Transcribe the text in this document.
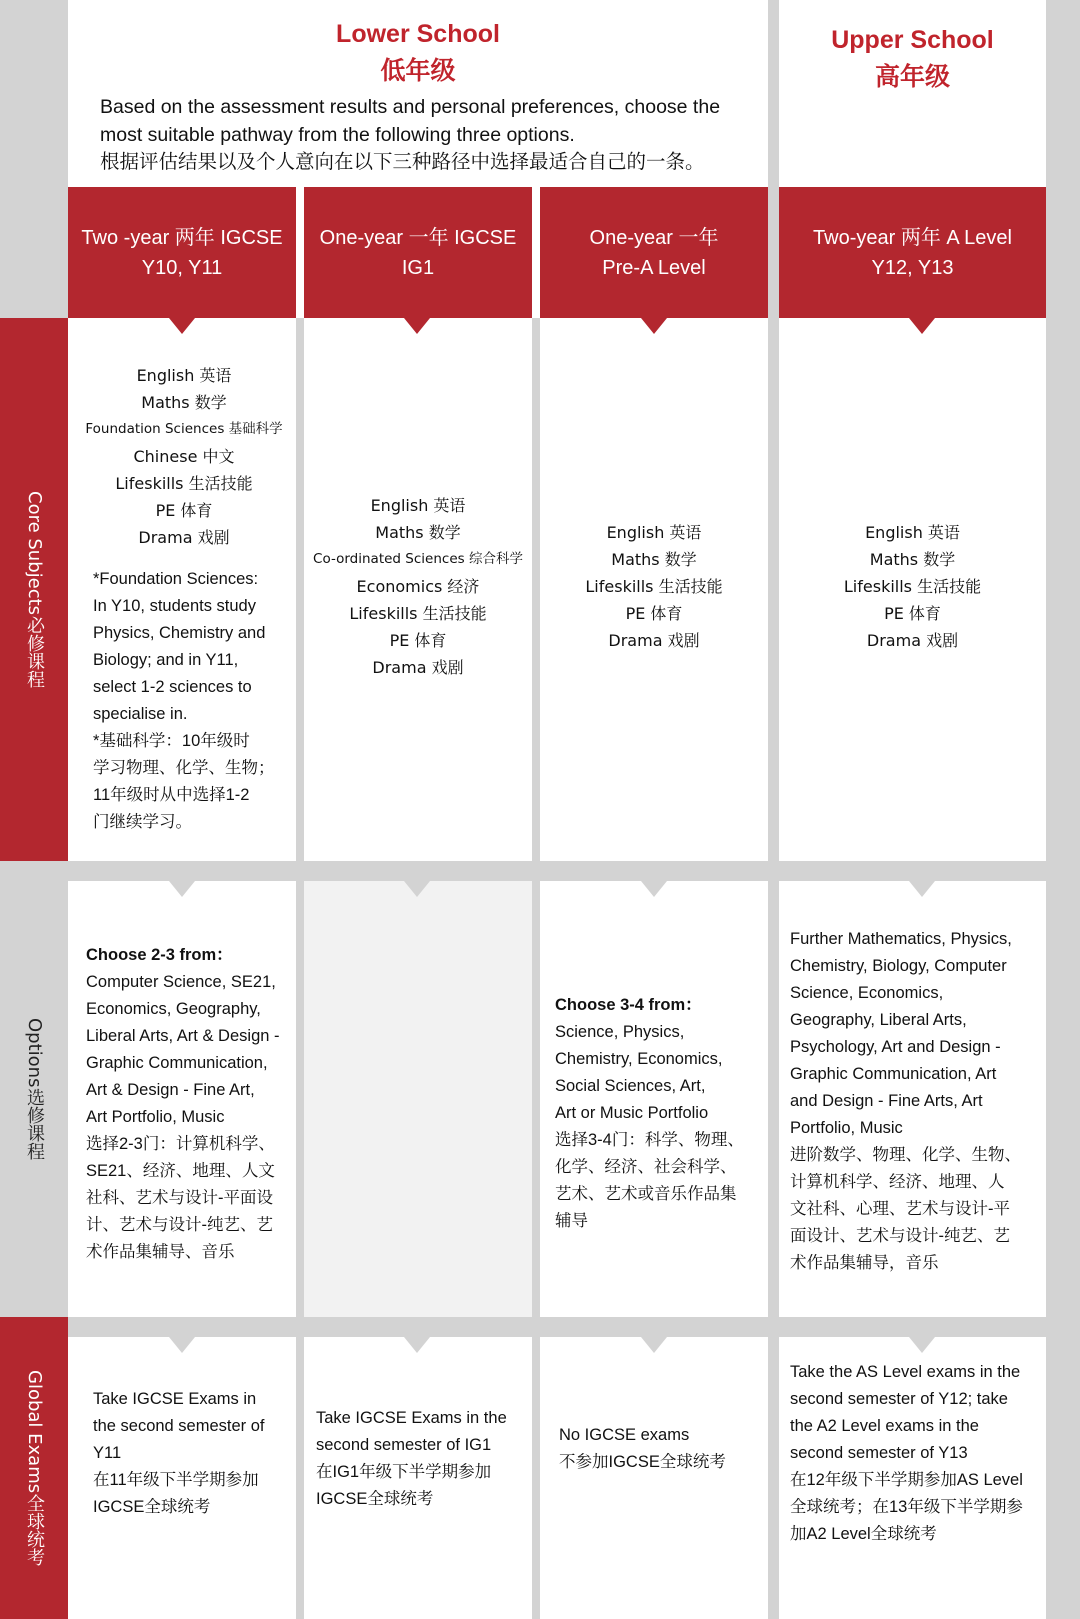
Core Subjects
必修课程
Options
选修课程
Global Exams
全球统考
Lower School
低年级
Upper School
高年级
Based on the assessment results and personal preferences, choose the
most suitable pathway from the following three options.
根据评估结果以及个人意向在以下三种路径中选择最适合自己的一条。
Two -year 两年 IGCSE
Y10, Y11
One-year 一年 IGCSE
IG1
One-year 一年
Pre-A Level
Two-year 两年 A Level
Y12, Y13
English 英语
Maths 数学
Foundation Sciences 基础科学
Chinese 中文
Lifeskills 生活技能
PE 体育
Drama 戏剧
*Foundation Sciences:
In Y10, students study
Physics, Chemistry and
Biology; and in Y11,
select 1-2 sciences to
specialise in.
*基础科学：10年级时
学习物理、化学、生物；
11年级时从中选择1-2
门继续学习。
English 英语
Maths 数学
Co-ordinated Sciences 综合科学
Economics 经济
Lifeskills 生活技能
PE 体育
Drama 戏剧
English 英语
Maths 数学
Lifeskills 生活技能
PE 体育
Drama 戏剧
English 英语
Maths 数学
Lifeskills 生活技能
PE 体育
Drama 戏剧
Choose 2-3 from：
Computer Science, SE21,
Economics, Geography,
Liberal Arts, Art & Design -
Graphic Communication,
Art & Design - Fine Art,
Art Portfolio, Music
选择2-3门：计算机科学、
SE21、经济、地理、人文
社科、艺术与设计-平面设
计、艺术与设计-纯艺、艺
术作品集辅导、音乐
Choose 3-4 from：
Science, Physics,
Chemistry, Economics,
Social Sciences, Art,
Art or Music Portfolio
选择3-4门：科学、物理、
化学、经济、社会科学、
艺术、艺术或音乐作品集
辅导
Further Mathematics, Physics,
Chemistry, Biology, Computer
Science, Economics,
Geography, Liberal Arts,
Psychology, Art and Design -
Graphic Communication, Art
and Design - Fine Arts, Art
Portfolio, Music
进阶数学、物理、化学、生物、
计算机科学、经济、地理、人
文社科、心理、艺术与设计-平
面设计、艺术与设计-纯艺、艺
术作品集辅导，音乐
Take IGCSE Exams in
the second semester of
Y11
在11年级下半学期参加
IGCSE全球统考
Take IGCSE Exams in the
second semester of IG1
在IG1年级下半学期参加
IGCSE全球统考
No IGCSE exams
不参加IGCSE全球统考
Take the AS Level exams in the
second semester of Y12; take
the A2 Level exams in the
second semester of Y13
在12年级下半学期参加AS Level
全球统考；在13年级下半学期参
加A2 Level全球统考
